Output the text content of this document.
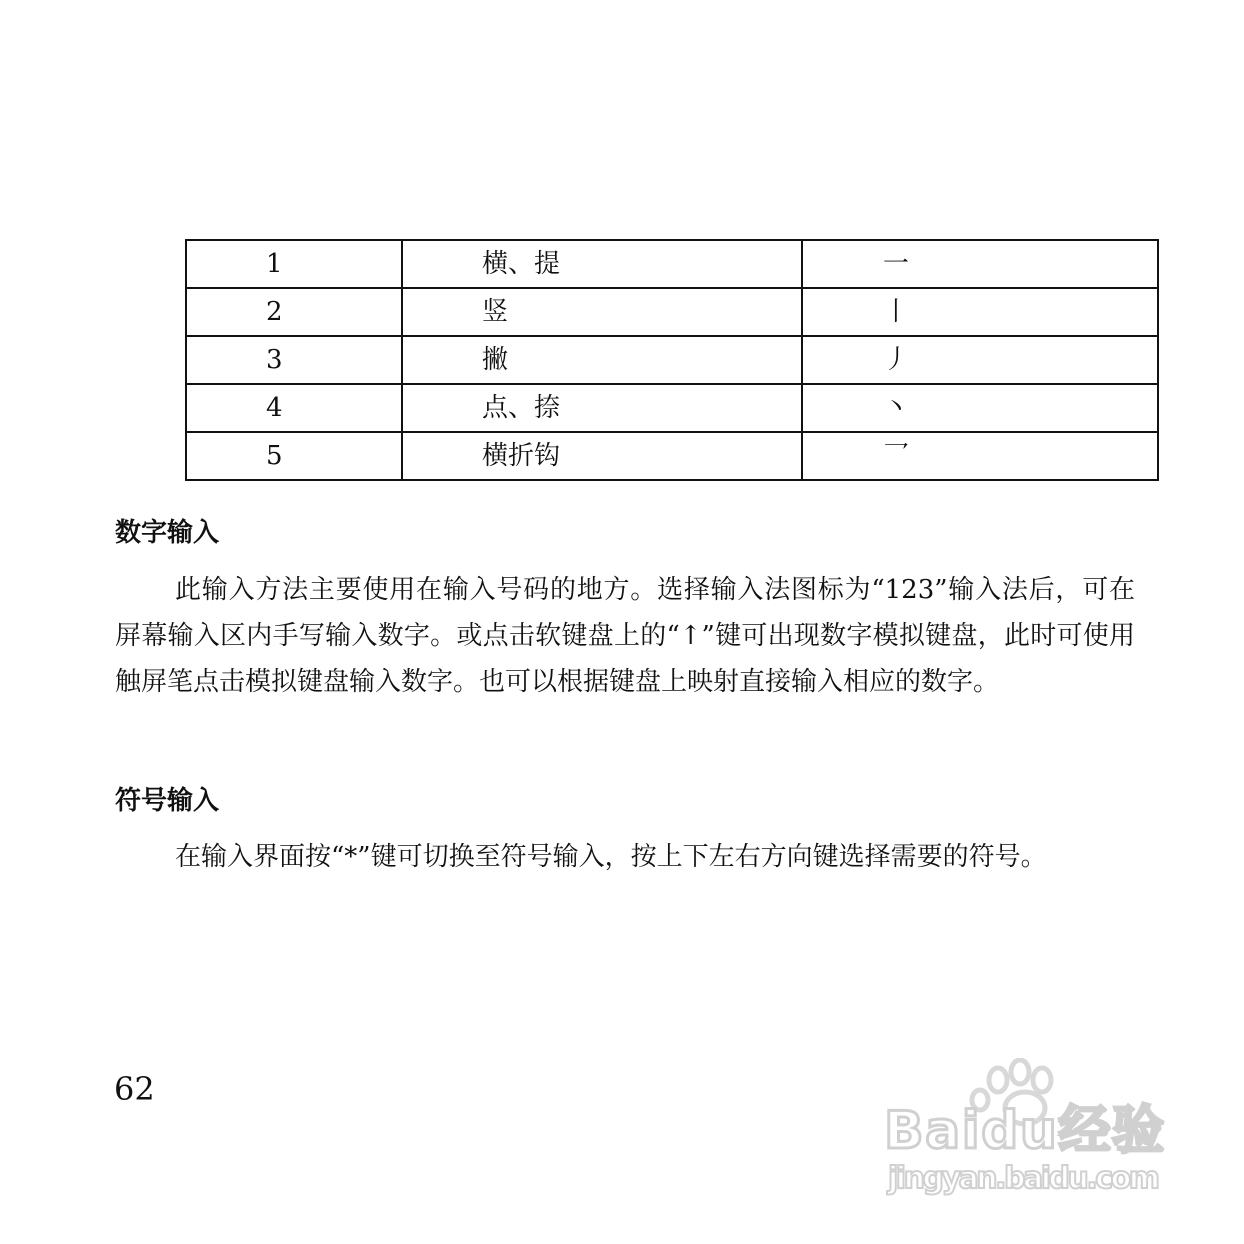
1	横、提	一
2	竖	丨
3	撇	丿
4	点、捺	丶
5	横折钩	乛
数字输入

此输入方法主要使用在输入号码的地方。选择输入法图标为“123”输入法后，可在屏幕输入区内手写输入数字。或点击软键盘上的“↑”键可出现数字模拟键盘，此时可使用触屏笔点击模拟键盘输入数字。也可以根据键盘上映射直接输入相应的数字。

符号输入

在输入界面按“*”键可切换至符号输入，按上下左右方向键选择需要的符号。

62

Baidu经验
jingyan.baidu.com
